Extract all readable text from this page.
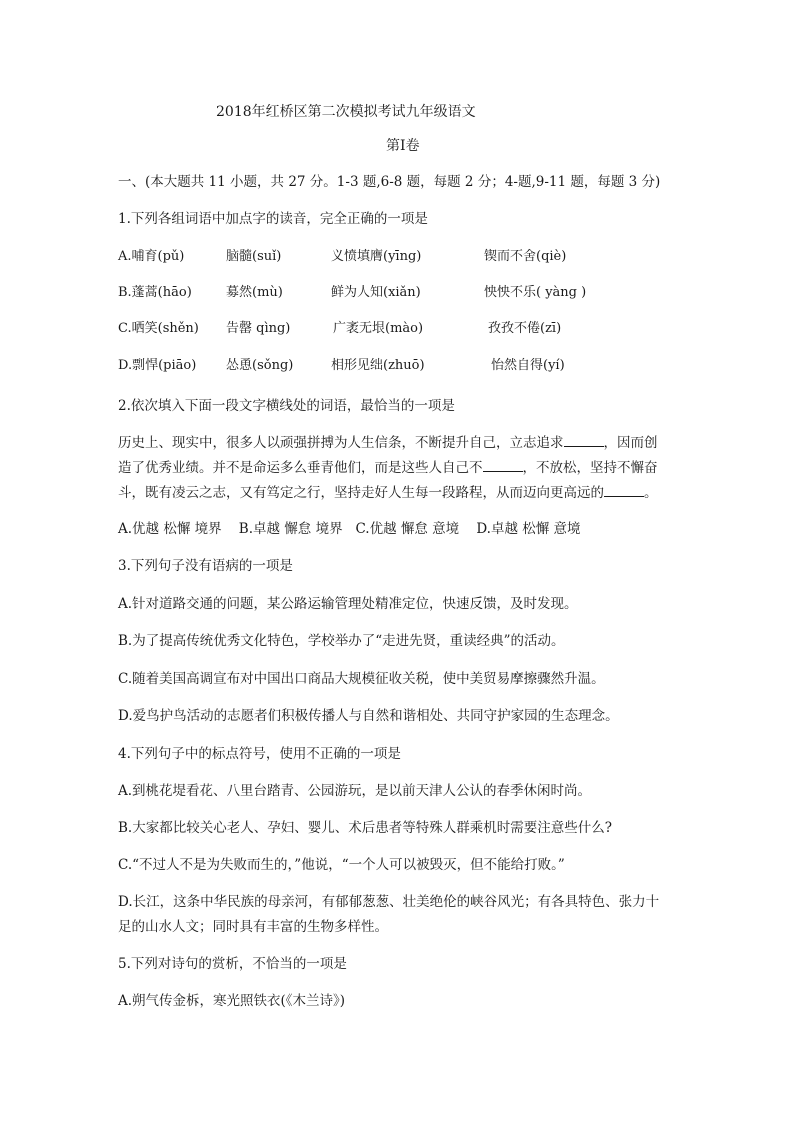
2018年红桥区第二次模拟考试九年级语文
第Ⅰ卷
一、(本大题共 11 小题，共 27 分。1-3 题,6-8 题，每题 2 分；4-题,9-11 题，每题 3 分)
1.下列各组词语中加点字的读音，完全正确的一项是
A.哺育(pǔ)	脑髓(suǐ)	义愤填膺(yīng)	锲而不舍(qiè)
B.蓬蒿(hāo)	募然(mù)	鲜为人知(xiǎn)	怏怏不乐( yàng )
C.哂笑(shěn) 告罄 qìng)	广袤无垠(mào)	孜孜不倦(zī)
D.剽悍(piāo) 怂恿(sǒng)	相形见绌(zhuō)	怡然自得(yí)
2.依次填入下面一段文字横线处的词语，最恰当的一项是
历史上、现实中，很多人以顽强拼搏为人生信条，不断提升自己，立志追求	，因而创
造了优秀业绩。并不是命运多么垂青他们，而是这些人自己不	，不放松，坚持不懈奋
斗，既有凌云之志，又有笃定之行，坚持走好人生每一段路程，从而迈向更高远的	。
A.优越 松懈 境界    B.卓越 懈怠 境界   C.优越 懈怠 意境    D.卓越 松懈 意境
3.下列句子没有语病的一项是
A.针对道路交通的问题，某公路运输管理处精准定位，快速反馈，及时发现。
B.为了提高传统优秀文化特色，学校举办了“走进先贤，重读经典”的活动。
C.随着美国高调宣布对中国出口商品大规模征收关税，使中美贸易摩擦骤然升温。
D.爱鸟护鸟活动的志愿者们积极传播人与自然和谐相处、共同守护家园的生态理念。
4.下列句子中的标点符号，使用不正确的一项是
A.到桃花堤看花、八里台踏青、公园游玩，是以前天津人公认的春季休闲时尚。
B.大家都比较关心老人、孕妇、婴儿、术后患者等特殊人群乘机时需要注意些什么?
C.“不过人不是为失败而生的，”他说，“一个人可以被毁灭，但不能给打败。”
D.长江，这条中华民族的母亲河，有郁郁葱葱、壮美绝伦的峡谷风光；有各具特色、张力十
足的山水人文；同时具有丰富的生物多样性。
5.下列对诗句的赏析，不恰当的一项是
A.朔气传金柝，寒光照铁衣(《木兰诗》)
